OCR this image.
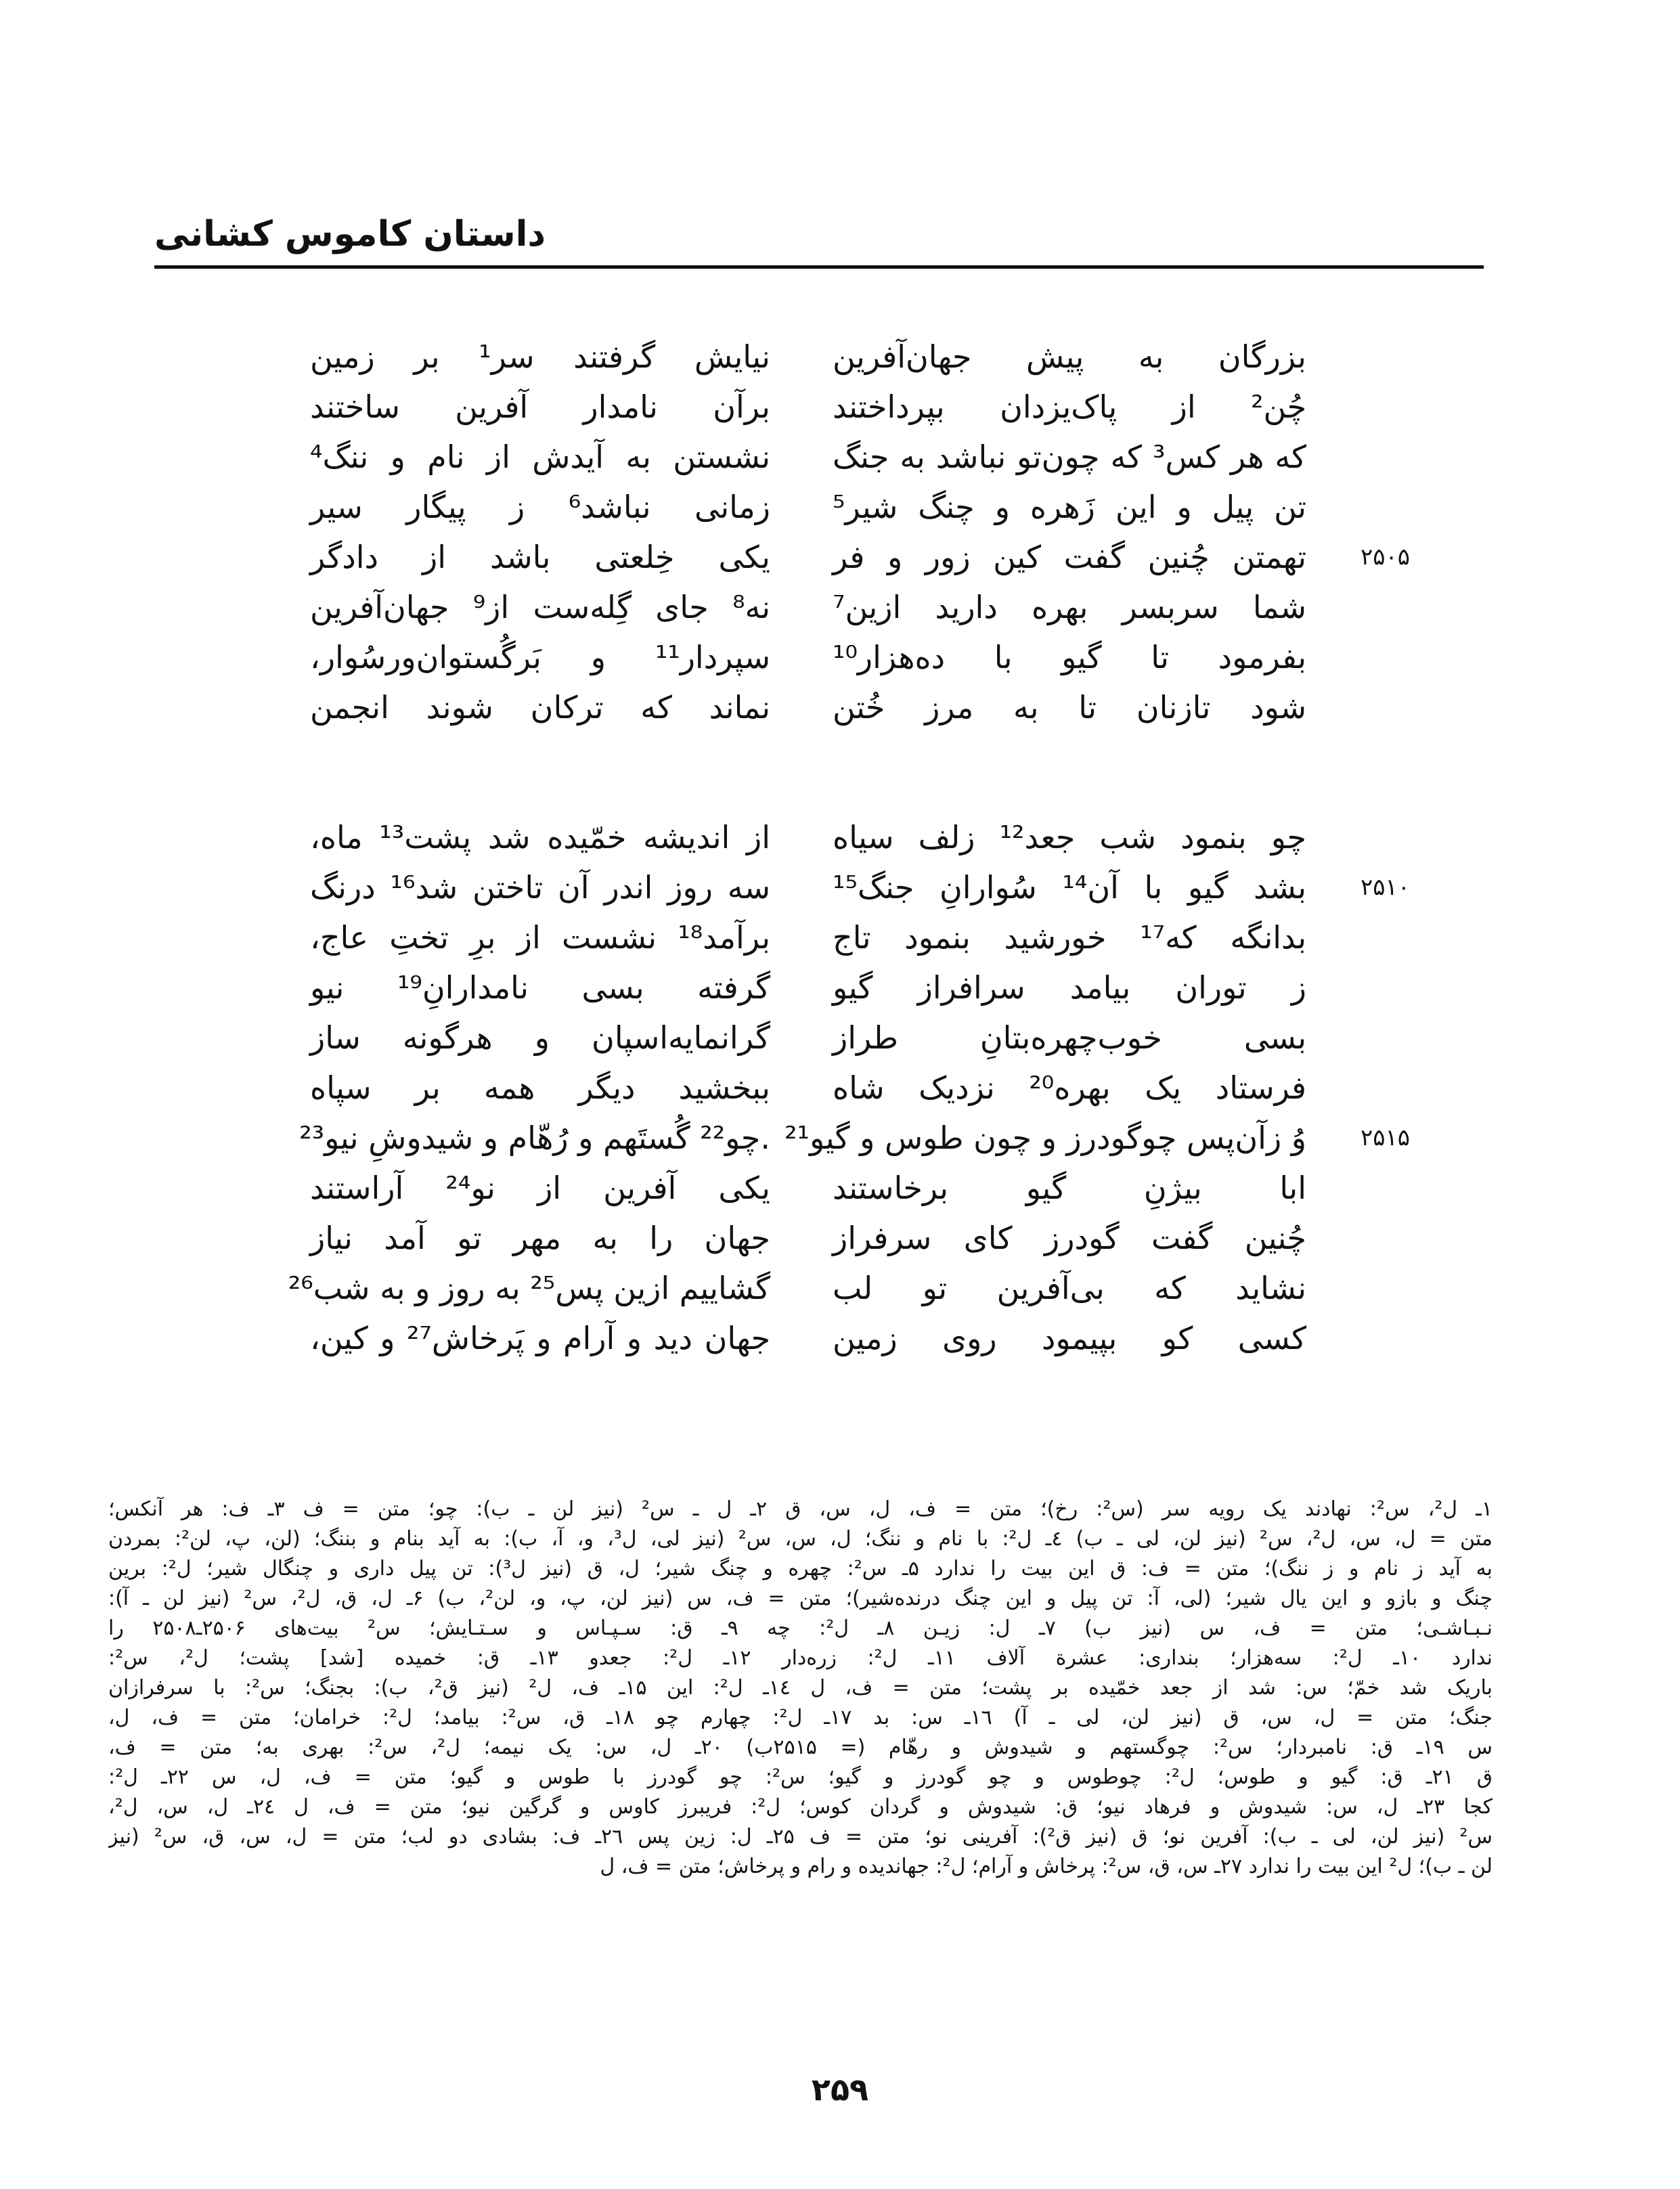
داستان کاموس کشانی
بزرگان به پیش جهان‌آفرین
نیایش گرفتند سر¹ بر زمین
چُن² از پاک‌یزدان بپرداختند
برآن نامدار آفرین ساختند
که هر کس³ که چون‌تو نباشد به جنگ
نشستن به آیدش از نام و ننگ⁴
تن پیل و این زَهره و چنگ شیر⁵
زمانی نباشد⁶ ز پیگار سیر
۲۵۰۵
تهمتن چُنین گفت کین زور و فر
یکی خِلعتی باشد از دادگر
شما سربسر بهره دارید ازین⁷
نه⁸ جای گِله‌ست از⁹ جهان‌آفرین
بفرمود تا گیو با ده‌هزار¹⁰
سپردار¹¹ و بَرگُستوان‌ورسُوار،
شود تازنان تا به مرز خُتن
نماند که ترکان شوند انجمن
چو بنمود شب جعد¹² زلف سیاه
از اندیشه خمّیده شد پشت¹³ ماه،
۲۵۱۰
بشد گیو با آن¹⁴ سُوارانِ جنگ¹⁵
سه روز اندر آن تاختن شد¹⁶ درنگ
بدانگه که¹⁷ خورشید بنمود تاج
برآمد¹⁸ نشست از برِ تختِ عاج،
ز توران بیامد سرافراز گیو
گرفته بسی نامدارانِ¹⁹ نیو
بسی خوب‌چهره‌بتانِ طراز
گرانمایه‌اسپان و هرگونه ساز
فرستاد یک بهره²⁰ نزدیک شاه
ببخشید دیگر همه بر سپاه
۲۵۱۵
وُ زآن‌پس چوگودرز و چون طوس و گیو²¹
.چو²² گُستَهم و رُهّام و شیدوشِ نیو²³
ابا بیژنِ گیو برخاستند
یکی آفرین از نو²⁴ آراستند
چُنین گفت گودرز کای سرفراز
جهان را به مهر تو آمد نیاز
نشاید که بی‌آفرین تو لب
گشاییم ازین پس²⁵ به روز و به شب²⁶
کسی کو بپیمود روی زمین
جهان دید و آرام و پَرخاش²⁷ و کین،
۱ـ ل²، س²: نهادند یک رویه سر (س²: رخ)؛ متن = ف، ل، س، ق ۲ـ ل ـ س² (نیز لن ـ ب): چو؛ متن = ف ۳ـ ف: هر آنکس؛
متن = ل، س، ل²، س² (نیز لن، لی ـ ب) ٤ـ ل²: با نام و ننگ؛ ل، س، س² (نیز لی، ل³، و، آ، ب): به آید بنام و بننگ؛ (لن، پ، لن²: بمردن
به آید ز نام و ز ننگ)؛ متن = ف: ق این بیت را ندارد ۵ـ س²: چهره و چنگ شیر؛ ل، ق (نیز ل³): تن پیل داری و چنگال شیر؛ ل²: برین
چنگ و بازو و این یال شیر؛ (لی، آ: تن پیل و این چنگ درنده‌شیر)؛ متن = ف، س (نیز لن، پ، و، لن²، ب) ۶ـ ل، ق، ل²، س² (نیز لن ـ آ):
نـبـاشـی؛ متن = ف، س (نیز ب) ۷ـ ل: زیـن ۸ـ ل²: چه ۹ـ ق: سـپـاس و سـتـایش؛ س² بیت‌های ۲۵۰۶ـ۲۵۰۸ را
ندارد ۱۰ـ ل²: سه‌هزار؛ بنداری: عشرة آلاف ۱۱ـ ل²: زره‌دار ۱۲ـ ل²: جعدو ۱۳ـ ق: خمیده [شد] پشت؛ ل²، س²:
باریک شد خمّ؛ س: شد از جعد خمّیده بر پشت؛ متن = ف، ل ۱٤ـ ل²: این ۱۵ـ ف، ل² (نیز ق²، ب): بجنگ؛ س²: با سرفرازان
جنگ؛ متن = ل، س، ق (نیز لن، لی ـ آ) ۱٦ـ س: بد ۱۷ـ ل²: چهارم چو ۱۸ـ ق، س²: بیامد؛ ل²: خرامان؛ متن = ف، ل،
س ۱۹ـ ق: نامبردار؛ س²: چوگستهم و شیدوش و رهّام (= ۲۵۱۵ب) ۲۰ـ ل، س: یک نیمه؛ ل²، س²: بهری به؛ متن = ف،
ق ۲۱ـ ق: گیو و طوس؛ ل²: چوطوس و چو گودرز و گیو؛ س²: چو گودرز با طوس و گیو؛ متن = ف، ل، س ۲۲ـ ل²:
کجا ۲۳ـ ل، س: شیدوش و فرهاد نیو؛ ق: شیدوش و گردان کوس؛ ل²: فریبرز کاوس و گرگین نیو؛ متن = ف، ل ۲٤ـ ل، س، ل²،
س² (نیز لن، لی ـ ب): آفرین نو؛ ق (نیز ق²): آفرینی نو؛ متن = ف ۲۵ـ ل: زین پس ۲٦ـ ف: بشادی دو لب؛ متن = ل، س، ق، س² (نیز
لن ـ ب)؛ ل² این بیت را ندارد ۲۷ـ س، ق، س²: پرخاش و آرام؛ ل²: جهاندیده و رام و پرخاش؛ متن = ف، ل
۲۵۹
